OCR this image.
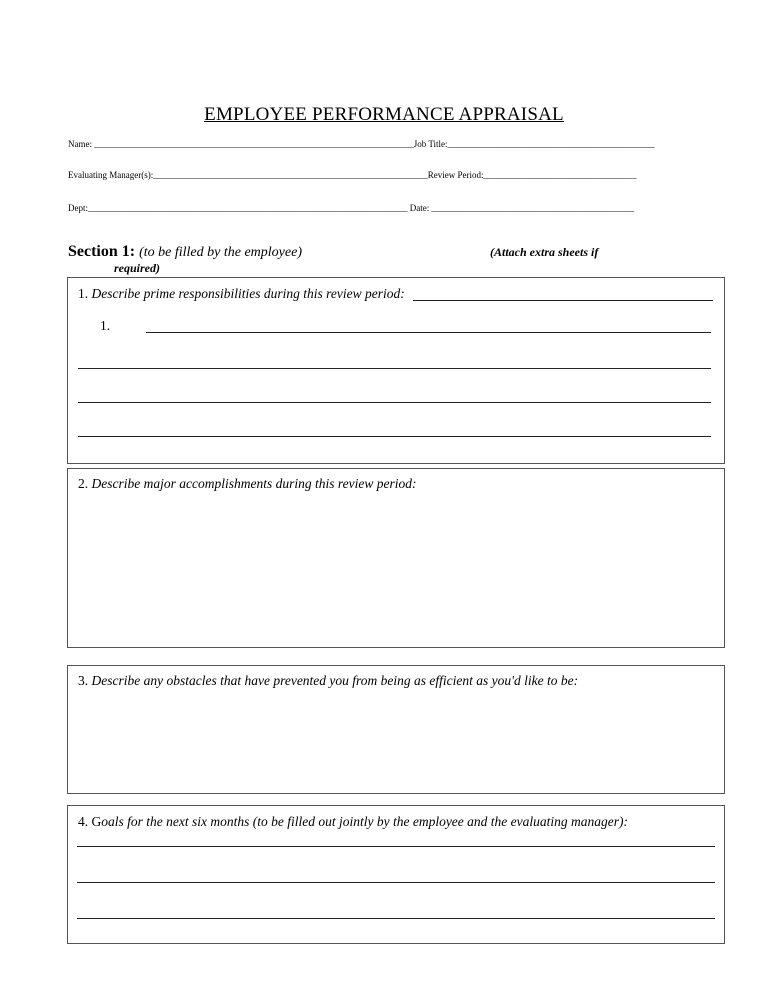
EMPLOYEE PERFORMANCE APPRAISAL
Name: _______________________________________________________________________Job Title:______________________________________________
Evaluating Manager(s):_____________________________________________________________Review Period:__________________________________
Dept:_______________________________________________________________________ Date: _____________________________________________
Section 1: (to be filled by the employee)	(Attach extra sheets if
required)
1. Describe prime responsibilities during this review period:
1.
2. Describe major accomplishments during this review period:
3. Describe any obstacles that have prevented you from being as efficient as you'd like to be:
4. Goals for the next six months (to be filled out jointly by the employee and the evaluating manager):
